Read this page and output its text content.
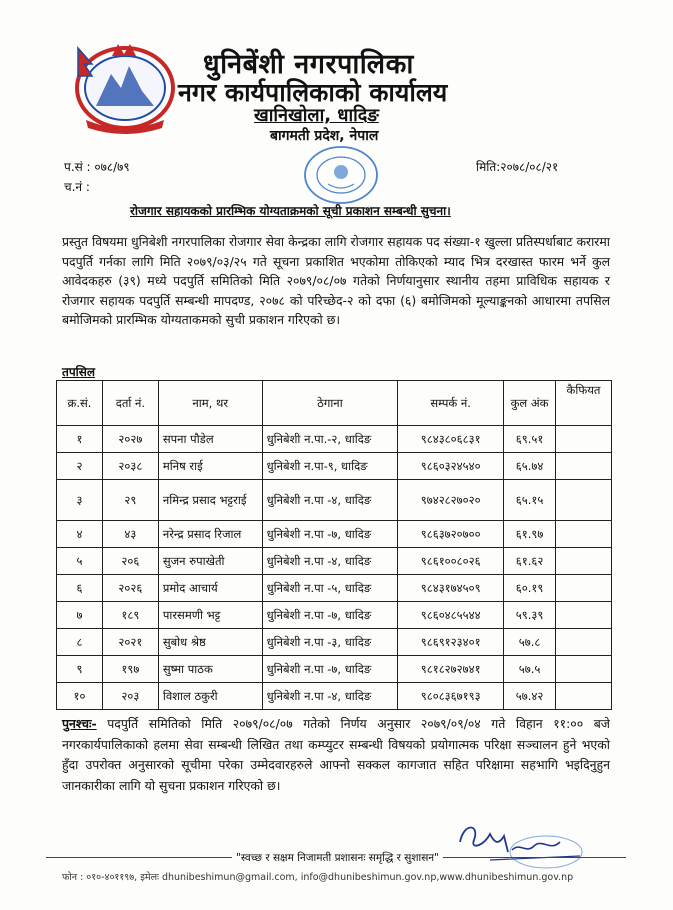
धुनिबेंशी नगरपालिका
नगर कार्यपालिकाको कार्यालय
खानिखोला, धादिङ
बागमती प्रदेश, नेपाल
प.सं : ०७८/७९
च.नं :
मिति:२०७८/०८/२१
रोजगार सहायकको प्रारम्भिक योग्यताक्रमको सूची प्रकाशन सम्बन्धी सुचना।

प्रस्तुत विषयमा धुनिबेशी नगरपालिका रोजगार सेवा केन्द्रका लागि रोजगार सहायक पद संख्या-१ खुल्ला प्रतिस्पर्धाबाट करारमा पदपुर्ति गर्नका लागि मिति २०७९/०३/२५ गते सूचना प्रकाशित भएकोमा तोकिएको म्याद भित्र दरखास्त फारम भर्ने कुल आवेदकहरु (३९) मध्ये पदपुर्ति समितिको मिति २०७९/०८/०७ गतेको निर्णयानुसार स्थानीय तहमा प्राविधिक सहायक र रोजगार सहायक पदपुर्ति सम्बन्धी मापदण्ड, २०७८ को परिच्छेद-२ को दफा (६) बमोजिमको मूल्याङ्कनको आधारमा तपसिल बमोजिमको प्रारम्भिक योग्यताकमको सुची प्रकाशन गरिएको छ।

तपसिल
क्र.सं.	दर्ता नं.	नाम, थर	ठेगाना	सम्पर्क नं.	कुल अंक	कैफियत
१	२०२७	सपना पौडेल	धुनिबेशी न.पा.-२, धादिङ	९८४३८०६८३१	६९.५१	
२	२०३८	मनिष राई	धुनिबेशी न.पा-९, धादिङ	९८६०३२४५४०	६५.७४	
३	२९	नमिन्द्र प्रसाद भट्टराई	धुनिबेशी न.पा -४, धादिङ	९७४२८२७०२०	६५.१५	
४	४३	नरेन्द्र प्रसाद रिजाल	धुनिबेशी न.पा -७, धादिङ	९८६३७२०७००	६१.९७	
५	२०६	सुजन रुपाखेती	धुनिबेशी न.पा -४, धादिङ	९८६१००८०२६	६१.६२	
६	२०२६	प्रमोद आचार्य	धुनिबेशी न.पा -५, धादिङ	९८४३१७४५०९	६०.१९	
७	१८९	पारसमणी भट्ट	धुनिबेशी न.पा -७, धादिङ	९८६०४८५५४४	५९.३९	
८	२०२१	सुबोध श्रेष्ठ	धुनिबेशी न.पा -३, धादिङ	९८६९१२३४०१	५७.८	
९	१९७	सुष्मा पाठक	धुनिबेशी न.पा -७, धादिङ	९८१८२७२७४१	५७.५	
१०	२०३	विशाल ठकुरी	धुनिबेशी न.पा -४, धादिङ	९८०८३६७१९३	५७.४२	

पुनश्चः- पदपुर्ति समितिको मिति २०७९/०८/०७ गतेको निर्णय अनुसार २०७९/०९/०४ गते विहान ११:०० बजे नगरकार्यपालिकाको हलमा सेवा सम्बन्धी लिखित तथा कम्प्युटर सम्बन्धी विषयको प्रयोगात्मक परिक्षा सञ्चालन हुने भएको हुँदा उपरोक्त अनुसारको सूचीमा परेका उम्मेदवारहरुले आफ्नो सक्कल कागजात सहित परिक्षामा सहभागि भइदिनुहुन जानकारीका लागि यो सुचना प्रकाशन गरिएको छ।

"स्वच्छ र सक्षम निजामती प्रशासनः समृद्धि र सुशासन"
फोन : ०१०-४०११९७, इमेलः dhunibeshimun@gmail.com, info@dhunibeshimun.gov.np,www.dhunibeshimun.gov.np
